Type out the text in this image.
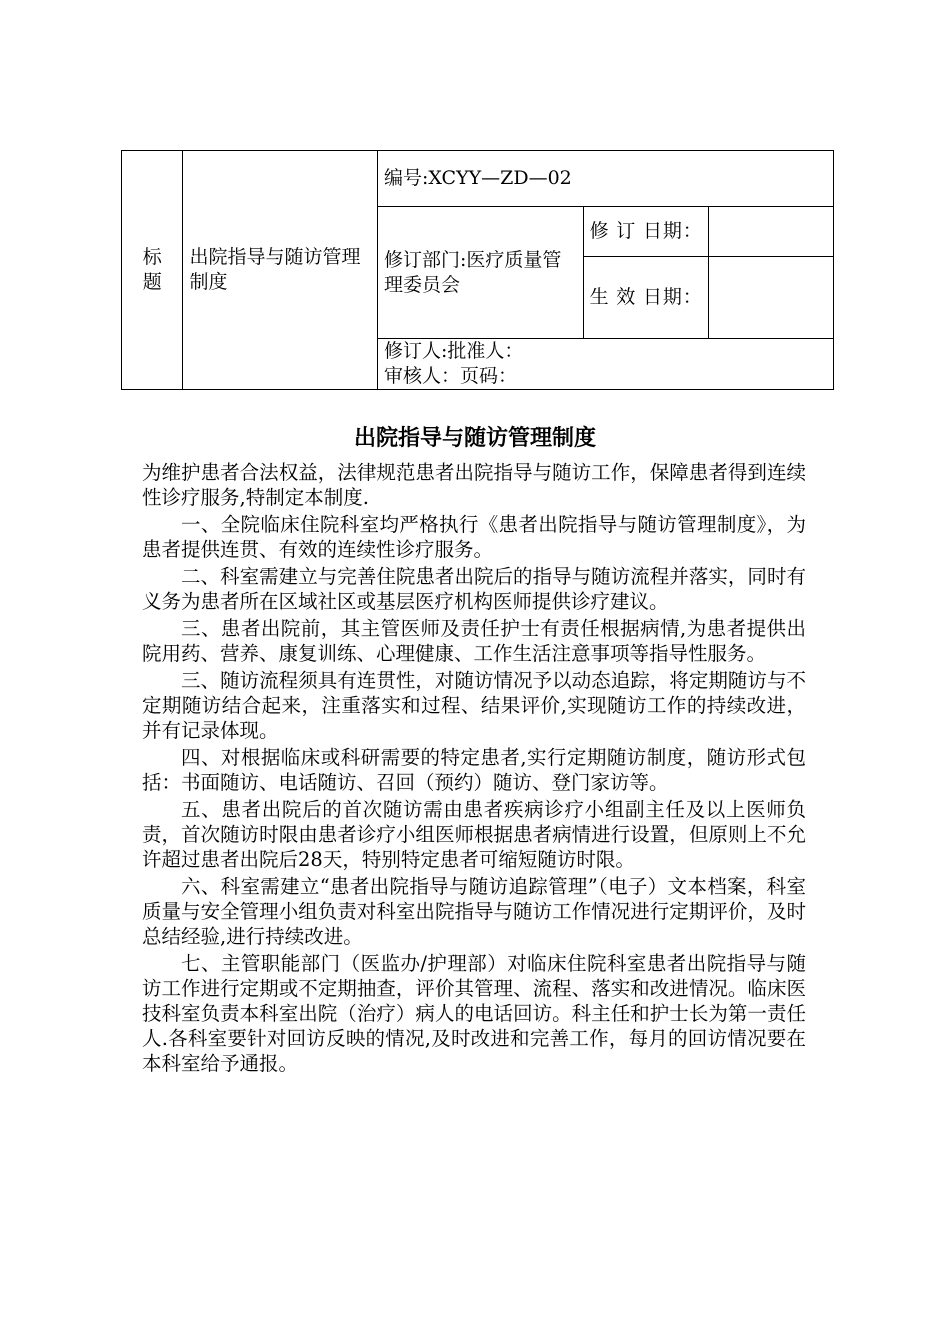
标题	出院指导与随访管理制度	编号:XCYY—ZD—02		
		修订部门:医疗质量管理委员会	修 订 日期：	

			生 效 日期：	

		修订人:批准人：
审核人：页码：		
出院指导与随访管理制度

为维护患者合法权益，法律规范患者出院指导与随访工作，保障患者得到连续性诊疗服务,特制定本制度.

一、全院临床住院科室均严格执行《患者出院指导与随访管理制度》，为患者提供连贯、有效的连续性诊疗服务。

二、科室需建立与完善住院患者出院后的指导与随访流程并落实，同时有义务为患者所在区域社区或基层医疗机构医师提供诊疗建议。

三、患者出院前，其主管医师及责任护士有责任根据病情,为患者提供出院用药、营养、康复训练、心理健康、工作生活注意事项等指导性服务。

三、随访流程须具有连贯性，对随访情况予以动态追踪，将定期随访与不定期随访结合起来，注重落实和过程、结果评价,实现随访工作的持续改进，并有记录体现。

四、对根据临床或科研需要的特定患者,实行定期随访制度，随访形式包括：书面随访、电话随访、召回（预约）随访、登门家访等。

五、患者出院后的首次随访需由患者疾病诊疗小组副主任及以上医师负责，首次随访时限由患者诊疗小组医师根据患者病情进行设置，但原则上不允许超过患者出院后28天，特别特定患者可缩短随访时限。

六、科室需建立“患者出院指导与随访追踪管理”（电子）文本档案，科室质量与安全管理小组负责对科室出院指导与随访工作情况进行定期评价，及时总结经验,进行持续改进。

七、主管职能部门（医监办/护理部）对临床住院科室患者出院指导与随访工作进行定期或不定期抽查，评价其管理、流程、落实和改进情况。临床医技科室负责本科室出院（治疗）病人的电话回访。科主任和护士长为第一责任人.各科室要针对回访反映的情况,及时改进和完善工作，每月的回访情况要在本科室给予通报。
